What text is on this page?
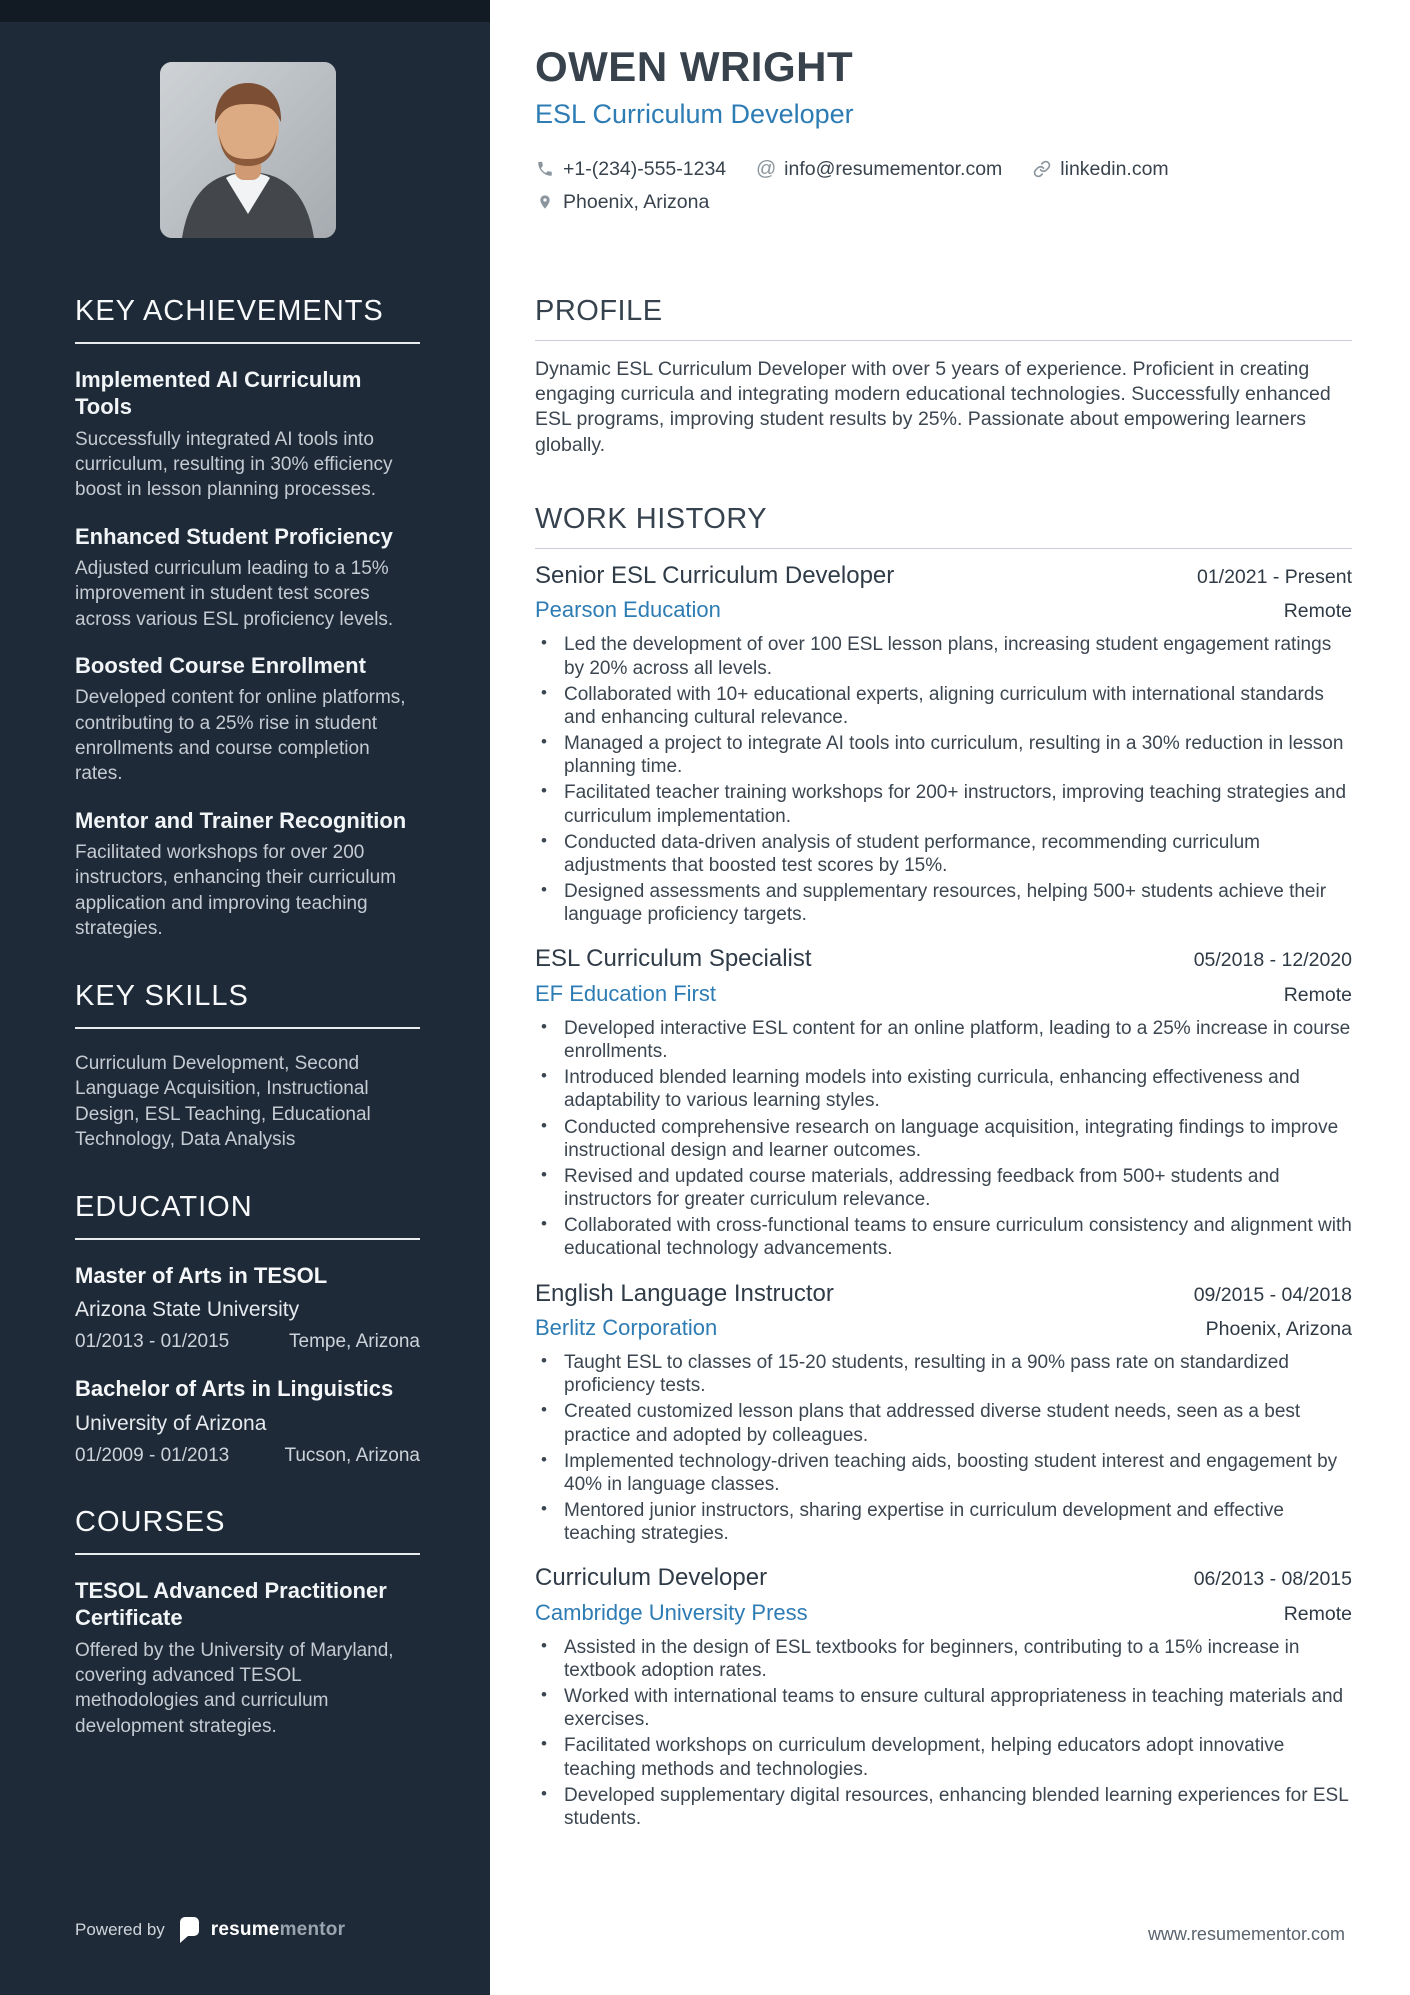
KEY ACHIEVEMENTS
Implemented AI Curriculum Tools

Successfully integrated AI tools into curriculum, resulting in 30% efficiency boost in lesson planning processes.

Enhanced Student Proficiency

Adjusted curriculum leading to a 15% improvement in student test scores across various ESL proficiency levels.

Boosted Course Enrollment

Developed content for online platforms, contributing to a 25% rise in student enrollments and course completion rates.

Mentor and Trainer Recognition

Facilitated workshops for over 200 instructors, enhancing their curriculum application and improving teaching strategies.

KEY SKILLS

Curriculum Development, Second Language Acquisition, Instructional Design, ESL Teaching, Educational Technology, Data Analysis

EDUCATION
Master of Arts in TESOL
Arizona State University
01/2013 - 01/2015	Tempe, Arizona
Bachelor of Arts in Linguistics
University of Arizona
01/2009 - 01/2013	Tucson, Arizona
COURSES
TESOL Advanced Practitioner Certificate

Offered by the University of Maryland, covering advanced TESOL methodologies and curriculum development strategies.

Powered by resumementor
OWEN WRIGHT
ESL Curriculum Developer
+1-(234)-555-1234 @ info@resumementor.com	linkedin.com
Phoenix, Arizona
PROFILE

Dynamic ESL Curriculum Developer with over 5 years of experience. Proficient in creating engaging curricula and integrating modern educational technologies. Successfully enhanced ESL programs, improving student results by 25%. Passionate about empowering learners globally.

WORK HISTORY
Senior ESL Curriculum Developer	01/2021 - Present
Pearson Education	Remote
• Led the development of over 100 ESL lesson plans, increasing student engagement ratings by 20% across all levels.
• Collaborated with 10+ educational experts, aligning curriculum with international standards and enhancing cultural relevance.
• Managed a project to integrate AI tools into curriculum, resulting in a 30% reduction in lesson planning time.
• Facilitated teacher training workshops for 200+ instructors, improving teaching strategies and curriculum implementation.
• Conducted data-driven analysis of student performance, recommending curriculum adjustments that boosted test scores by 15%.
• Designed assessments and supplementary resources, helping 500+ students achieve their language proficiency targets.
ESL Curriculum Specialist	05/2018 - 12/2020
EF Education First	Remote
• Developed interactive ESL content for an online platform, leading to a 25% increase in course enrollments.
• Introduced blended learning models into existing curricula, enhancing effectiveness and adaptability to various learning styles.
• Conducted comprehensive research on language acquisition, integrating findings to improve instructional design and learner outcomes.
• Revised and updated course materials, addressing feedback from 500+ students and instructors for greater curriculum relevance.
• Collaborated with cross-functional teams to ensure curriculum consistency and alignment with educational technology advancements.
English Language Instructor	09/2015 - 04/2018
Berlitz Corporation	Phoenix, Arizona
• Taught ESL to classes of 15-20 students, resulting in a 90% pass rate on standardized proficiency tests.
• Created customized lesson plans that addressed diverse student needs, seen as a best practice and adopted by colleagues.
• Implemented technology-driven teaching aids, boosting student interest and engagement by 40% in language classes.
• Mentored junior instructors, sharing expertise in curriculum development and effective teaching strategies.
Curriculum Developer	06/2013 - 08/2015
Cambridge University Press	Remote
• Assisted in the design of ESL textbooks for beginners, contributing to a 15% increase in textbook adoption rates.
• Worked with international teams to ensure cultural appropriateness in teaching materials and exercises.
• Facilitated workshops on curriculum development, helping educators adopt innovative teaching methods and technologies.
• Developed supplementary digital resources, enhancing blended learning experiences for ESL students.
www.resumementor.com
